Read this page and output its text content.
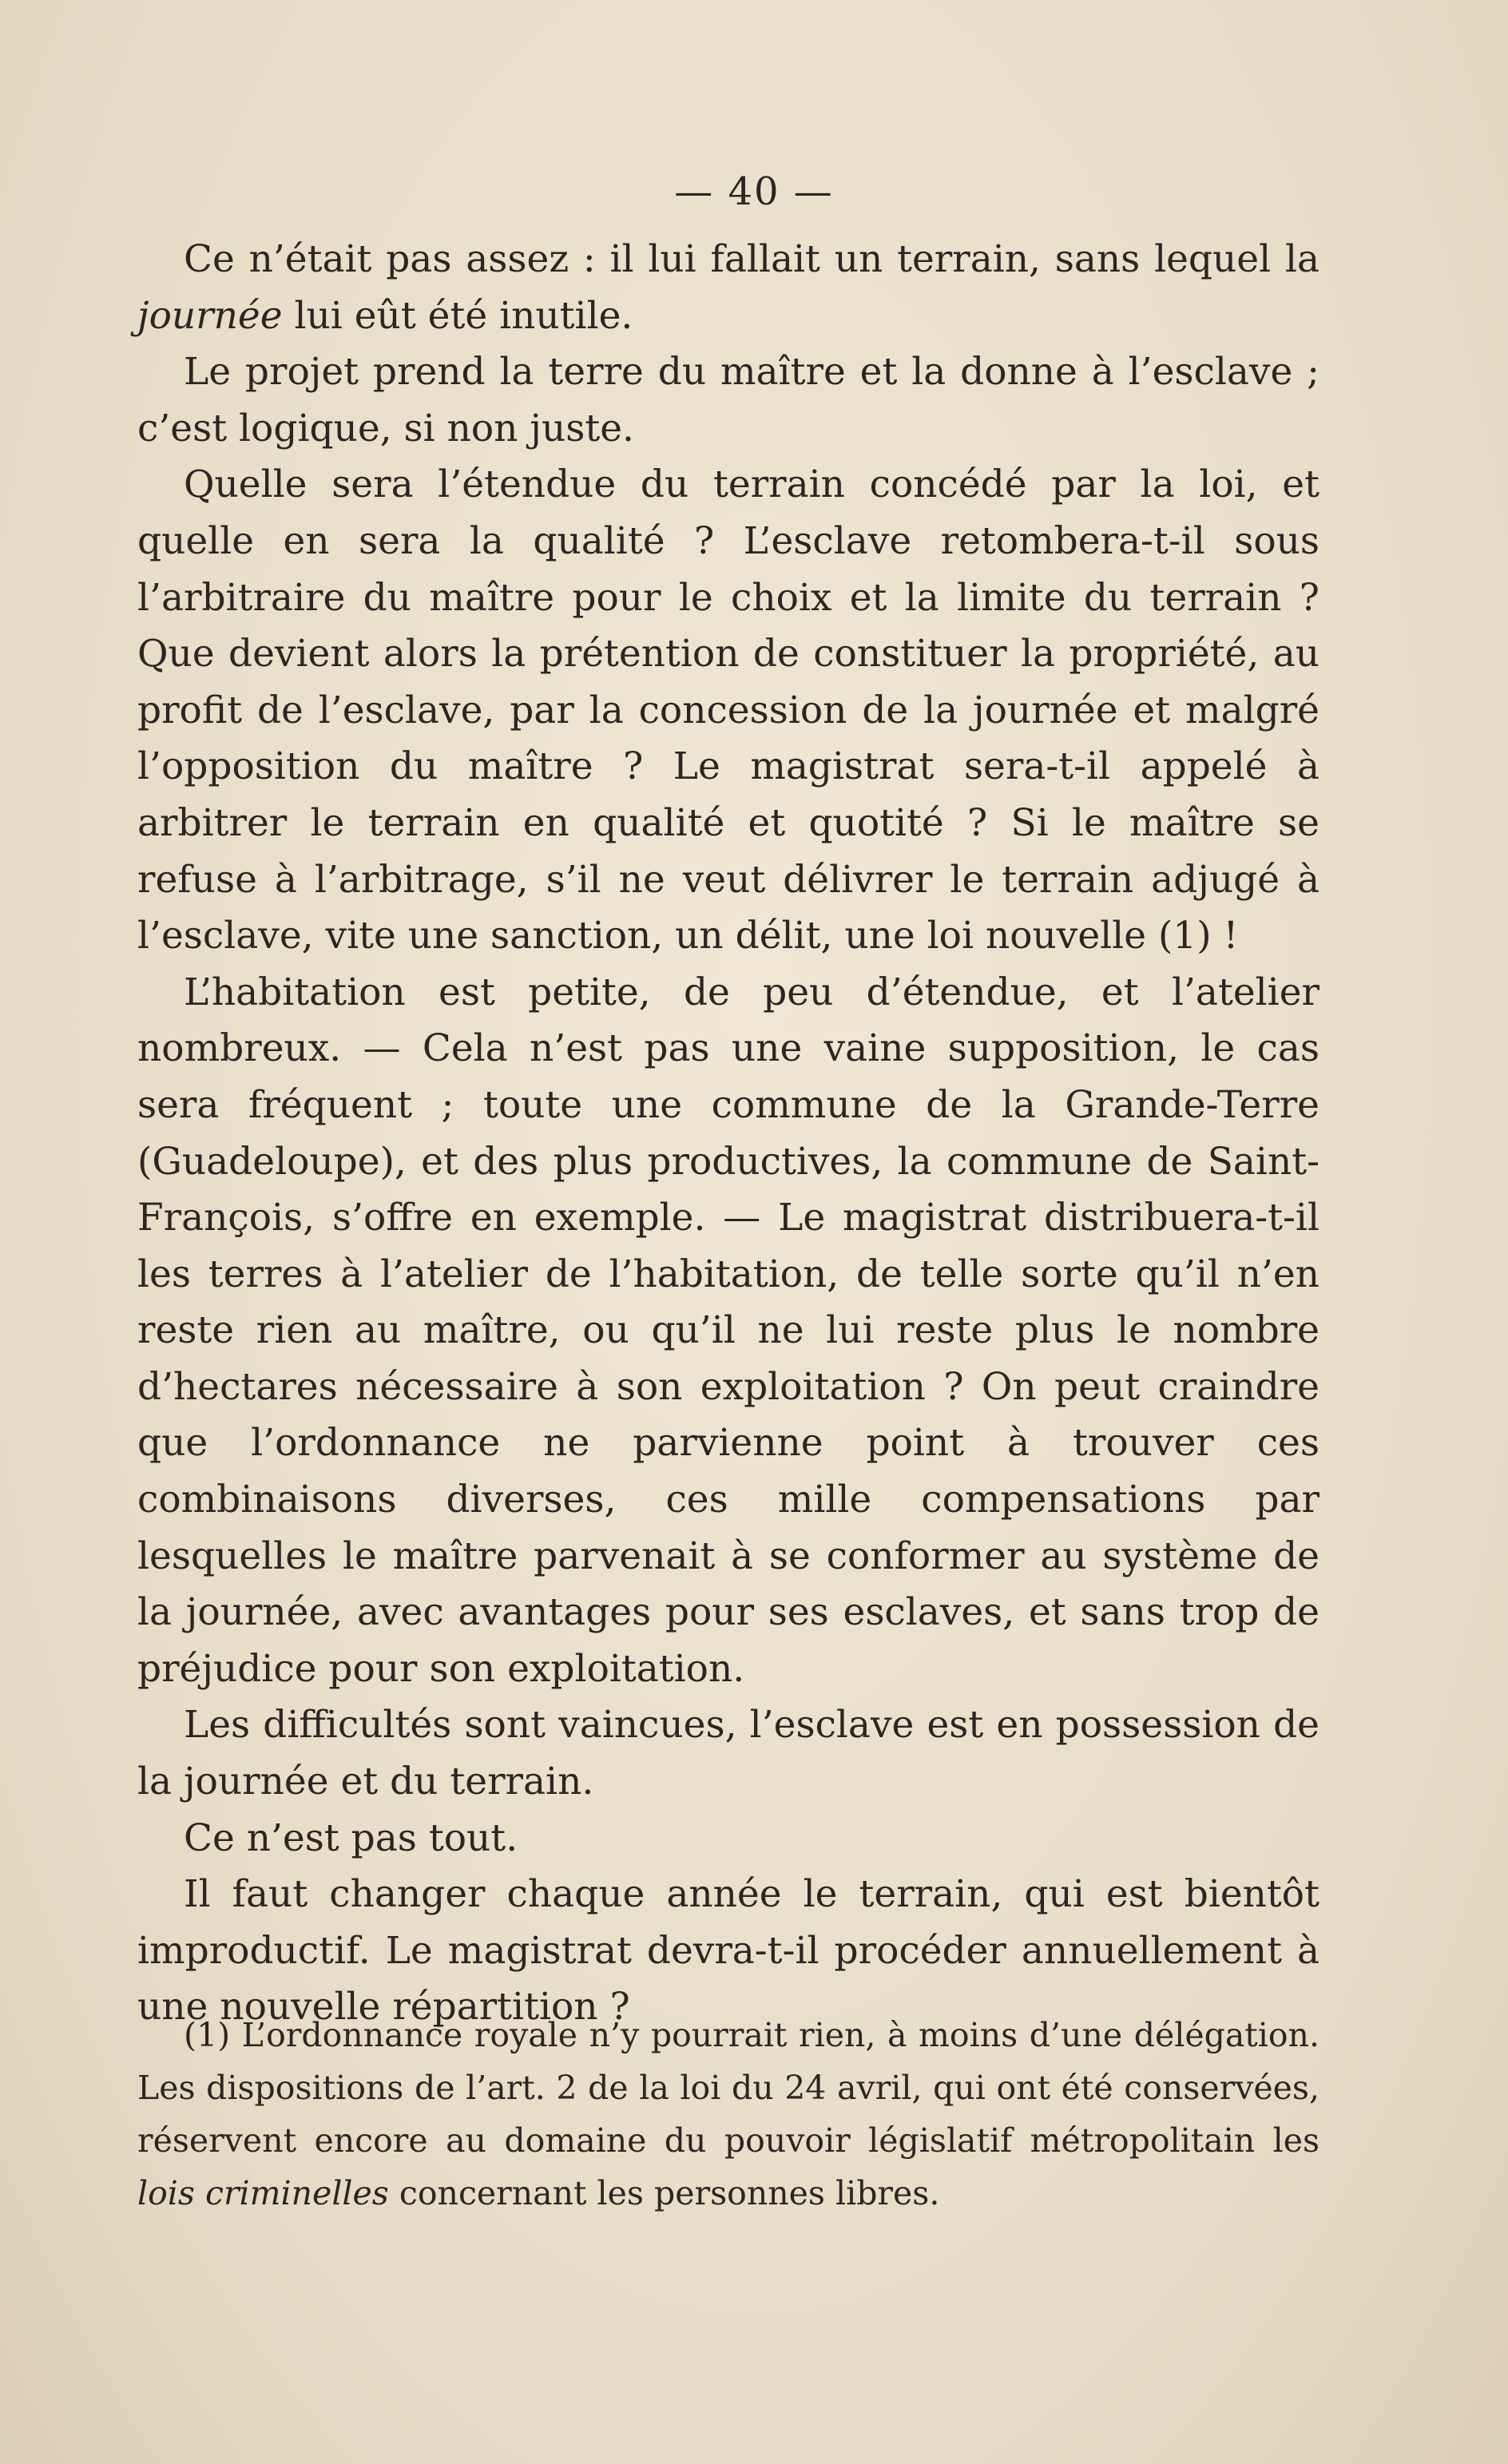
— 40 —

Ce n’était pas assez : il lui fallait un terrain, sans lequel la journée lui eût été inutile.

Le projet prend la terre du maître et la donne à l’esclave ; c’est logique, si non juste.

Quelle sera l’étendue du terrain concédé par la loi, et quelle en sera la qualité ? L’esclave retombera-t-il sous l’arbitraire du maître pour le choix et la limite du terrain ? Que devient alors la prétention de constituer la propriété, au profit de l’esclave, par la concession de la journée et malgré l’opposition du maître ? Le magistrat sera-t-il appelé à arbitrer le terrain en qualité et quotité ? Si le maître se refuse à l’arbitrage, s’il ne veut délivrer le terrain adjugé à l’esclave, vite une sanction, un délit, une loi nouvelle (1) !

L’habitation est petite, de peu d’étendue, et l’atelier nombreux. — Cela n’est pas une vaine supposition, le cas sera fréquent ; toute une commune de la Grande-Terre (Guadeloupe), et des plus productives, la commune de Saint-François, s’offre en exemple. — Le magistrat distribuera-t-il les terres à l’atelier de l’habitation, de telle sorte qu’il n’en reste rien au maître, ou qu’il ne lui reste plus le nombre d’hectares nécessaire à son exploitation ? On peut craindre que l’ordonnance ne parvienne point à trouver ces combinaisons diverses, ces mille compensations par lesquelles le maître parvenait à se conformer au système de la journée, avec avantages pour ses esclaves, et sans trop de préjudice pour son exploitation.

Les difficultés sont vaincues, l’esclave est en possession de la journée et du terrain.

Ce n’est pas tout.

Il faut changer chaque année le terrain, qui est bientôt improductif. Le magistrat devra-t-il procéder annuellement à une nouvelle répartition ?

(1) L’ordonnance royale n’y pourrait rien, à moins d’une délégation. Les dispositions de l’art. 2 de la loi du 24 avril, qui ont été conservées, réservent encore au domaine du pouvoir législatif métropolitain les lois criminelles concernant les personnes libres.
